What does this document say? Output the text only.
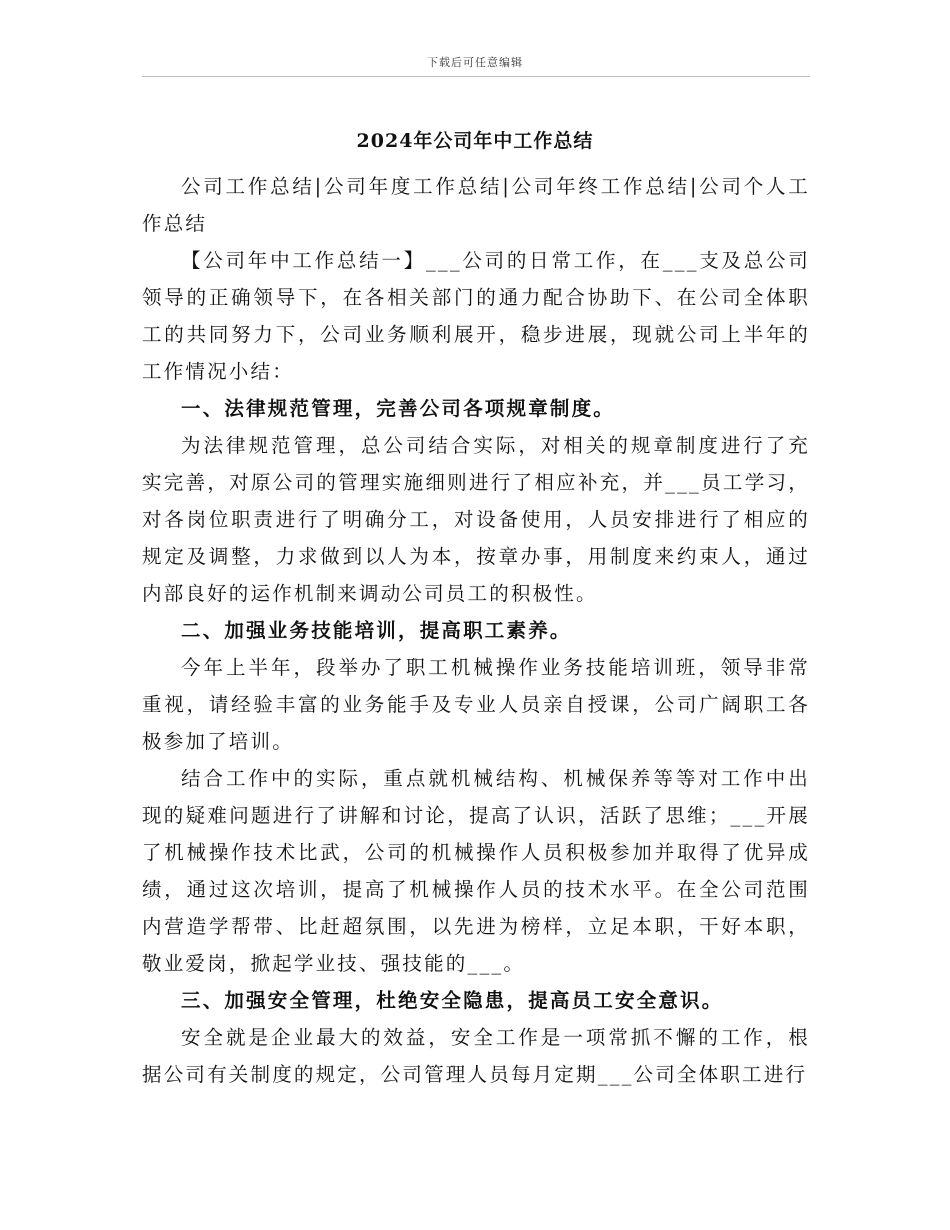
下载后可任意编辑
2024年公司年中工作总结

公司工作总结|公司年度工作总结|公司年终工作总结|公司个人工作总结

【公司年中工作总结一】___公司的日常工作，在___支及总公司领导的正确领导下，在各相关部门的通力配合协助下、在公司全体职工的共同努力下，公司业务顺利展开，稳步进展，现就公司上半年的工作情况小结：

一、法律规范管理，完善公司各项规章制度。

为法律规范管理，总公司结合实际，对相关的规章制度进行了充实完善，对原公司的管理实施细则进行了相应补充，并___员工学习，对各岗位职责进行了明确分工，对设备使用，人员安排进行了相应的规定及调整，力求做到以人为本，按章办事，用制度来约束人，通过内部良好的运作机制来调动公司员工的积极性。

二、加强业务技能培训，提高职工素养。

今年上半年，段举办了职工机械操作业务技能培训班，领导非常重视，请经验丰富的业务能手及专业人员亲自授课，公司广阔职工各极参加了培训。

结合工作中的实际，重点就机械结构、机械保养等等对工作中出现的疑难问题进行了讲解和讨论，提高了认识，活跃了思维；___开展了机械操作技术比武，公司的机械操作人员积极参加并取得了优异成绩，通过这次培训，提高了机械操作人员的技术水平。在全公司范围内营造学帮带、比赶超氛围，以先进为榜样，立足本职，干好本职，敬业爱岗，掀起学业技、强技能的___。

三、加强安全管理，杜绝安全隐患，提高员工安全意识。

安全就是企业最大的效益，安全工作是一项常抓不懈的工作，根据公司有关制度的规定，公司管理人员每月定期___公司全体职工进行
